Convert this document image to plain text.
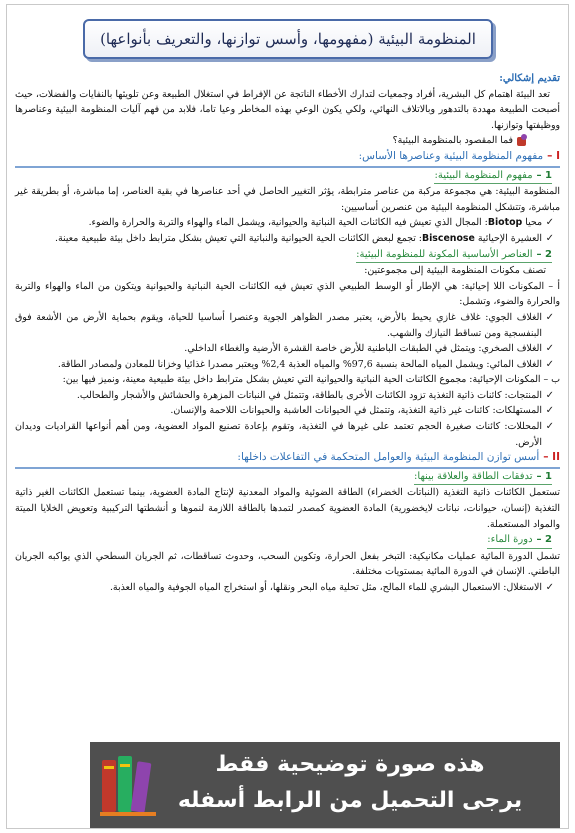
المنظومة البيئية (مفهومها، وأسس توازنها، والتعريف بأنواعها)

تقديم إشكالي:

تعد البيئة اهتمام كل البشرية، أفراد وجمعيات لتدارك الأخطاء الناتجة عن الإفراط في استغلال الطبيعة وعن تلويثها بالنفايات والفضلات، حيث أصبحت الطبيعة مهددة بالتدهور وبالاتلاف النهائي، ولكي يكون الوعي بهذه المخاطر وعيا تاما، فلابد من فهم آليات المنظومة البيئية وعناصرها ووظيفتها وتوازنها.

فما المقصود بالمنظومة البيئية؟

I –مفهوم المنظومة البيئية وعناصرها الأساس:

1 –مفهوم المنظومة البيئية:

المنظومة البيئية: هي مجموعة مركبة من عناصر مترابطة، يؤثر التغيير الحاصل في أحد عناصرها في بقية العناصر، إما مباشرة، أو بطريقة غير مباشرة، وتتشكل المنظومة البيئية من عنصرين أساسيين:

✓ محيا Biotop: المجال الذي تعيش فيه الكائنات الحية النباتية والحيوانية، ويشمل الماء والهواء والتربة والحرارة والضوء.

✓ العشيرة الإحيائية Biscenose: تجمع لبعض الكائنات الحية الحيوانية والنباتية التي تعيش بشكل مترابط داخل بيئة طبيعية معينة.

2 –العناصر الأساسية المكونة للمنظومة البيئية:

تصنف مكونات المنظومة البيئية إلى مجموعتين:

أ – المكونات اللا إحيائية: هي الإطار أو الوسط الطبيعي الذي تعيش فيه الكائنات الحية النباتية والحيوانية ويتكون من الماء والهواء والتربة والحرارة والضوء، وتشمل:

✓ الغلاف الجوي: غلاف غازي يحيط بالأرض، يعتبر مصدر الظواهر الجوية وعنصرا أساسيا للحياة، ويقوم بحماية الأرض من الأشعة فوق البنفسجية ومن تساقط النيازك والشهب.

✓ الغلاف الصخري: ويتمثل في الطبقات الباطنية للأرض خاصة القشرة الأرضية والغطاء الداخلي.

✓ الغلاف المائي: ويشمل المياه المالحة بنسبة 97,6% والمياه العذبة 2,4% ويعتبر مصدرا غذائيا وخزانا للمعادن ولمصادر الطاقة.

ب – المكونات الإحيائية: مجموع الكائنات الحية النباتية والحيوانية التي تعيش بشكل مترابط داخل بيئة طبيعية معينة، ونميز فيها بين:

✓ المنتجات: كائنات ذاتية التغذية تزود الكائنات الأخرى بالطاقة، وتتمثل في النباتات المزهرة والحشائش والأشجار والطحالب.

✓ المستهلكات: كائنات غير ذاتية التغذية، وتتمثل في الحيوانات العاشبة والحيوانات اللاحمة والإنسان.

✓ المحللات: كائنات صغيرة الحجم تعتمد على غيرها في التغذية، وتقوم بإعادة تصنيع المواد العضوية، ومن أهم أنواعها القراديات وديدان الأرض.

II –أسس توازن المنظومة البيئية والعوامل المتحكمة في التفاعلات داخلها:

1 –تدفقات الطاقة والعلاقة بينها:

تستعمل الكائنات ذاتية التغذية (النباتات الخضراء) الطاقة الضوئية والمواد المعدنية لإنتاج المادة العضوية، بينما تستعمل الكائنات الغير ذاتية التغذية (إنسان، حيوانات، نباتات لايخضورية) المادة العضوية كمصدر لتمدها بالطاقة اللازمة لنموها و أنشطتها التركيبية وتعويض الخلايا الميتة والمواد المستعملة.

2 –دورة الماء:

تشمل الدورة المائية عمليات مكانيكية: التبخر بفعل الحرارة، وتكوين السحب، وحدوث تساقطات، ثم الجريان السطحي الذي يواكبه الجريان الباطني. الإنسان في الدورة المائية بمستويات مختلفة.

✓ الاستغلال: الاستعمال البشري للماء المالح، مثل تحلية مياه البحر ونقلها، أو استخراج المياه الجوفية والمياه العذبة.

هذه صورة توضيحية فقط
يرجى التحميل من الرابط أسفله
